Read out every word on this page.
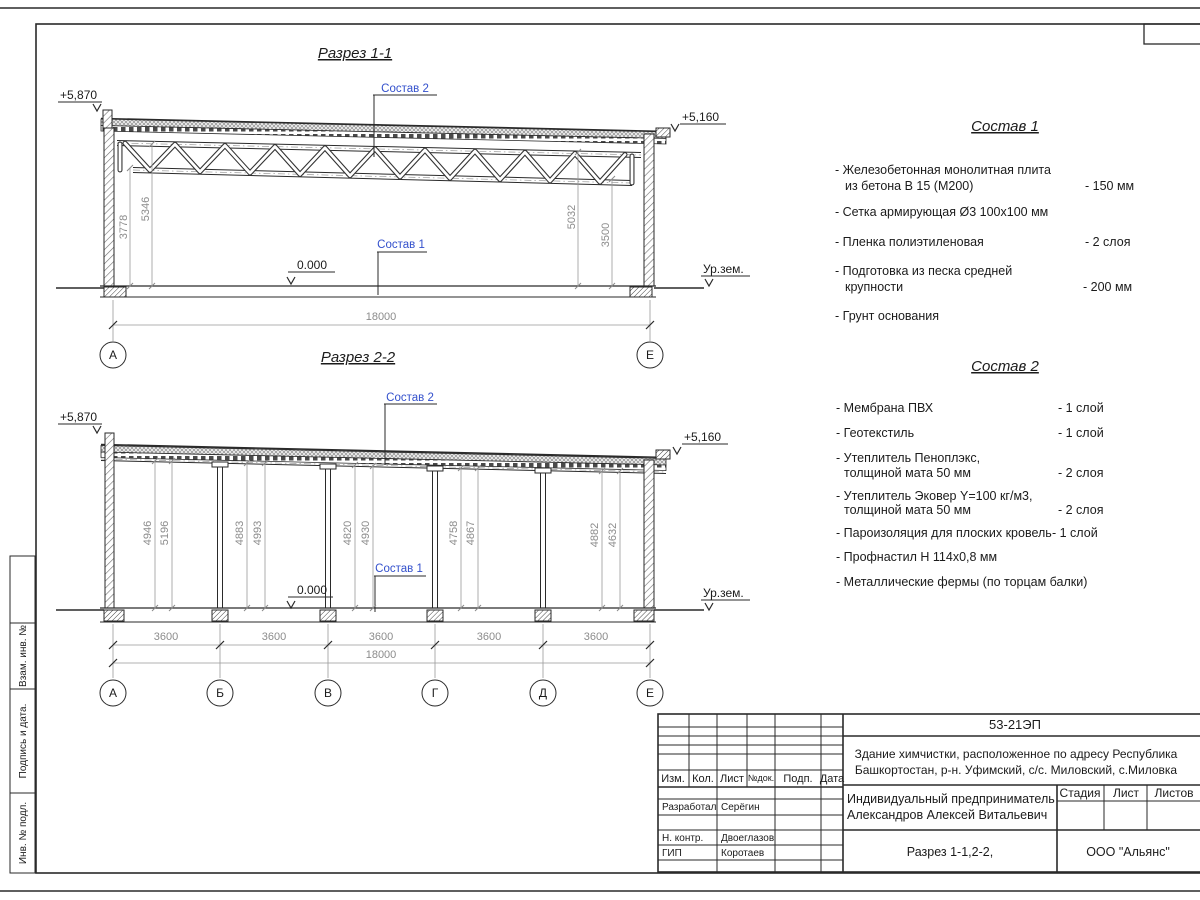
Взам. инв. №
Подпись и дата.
Инв. № подл.
Разрез 1-1
+5,870
+5,160
Состав 2
Состав 1
0.000	Ур.зем.
3778
5346	5032
3500
18000
А	Е
Разрез 2-2
+5,870
+5,160
Состав 2
Состав 1
0.000	Ур.зем.
4946 5196	4883 4993	4820 4930	4758 4867	4882 4632
3600	3600	3600	3600	3600
18000
А	Б	В	Г	Д	Е
Состав 1
- Железобетонная монолитная плита
из бетона В 15 (М200)	- 150 мм
- Сетка армирующая Ø3 100х100 мм
- Пленка полиэтиленовая	- 2 слоя
- Подготовка из песка средней
крупности	- 200 мм
- Грунт основания
Состав 2
- Мембрана ПВХ	- 1 слой
- Геотекстиль	- 1 слой
- Утеплитель Пеноплэкс,
толщиной мата 50 мм	- 2 слоя
- Утеплитель Эковер Y=100 кг/м3,
толщиной мата 50 мм	- 2 слоя
- Пароизоляция для плоских кровель - 1 слой
- Профнастил Н 114х0,8 мм
- Металлические фермы (по торцам балки)
53-21ЭП
Здание химчистки, расположенное по адресу Республика
Башкортостан, р-н. Уфимский, с/с. Миловский, с.Миловка
Индивидуальный предприниматель
Александров Алексей Витальевич
Разрез 1-1,2-2,	ООО "Альянс"
Стадия Лист Листов
Изм. Кол. Лист №док. Подп. Дата
Разработал Серёгин
Н. контр. Двоеглазов
ГИП	Коротаев
